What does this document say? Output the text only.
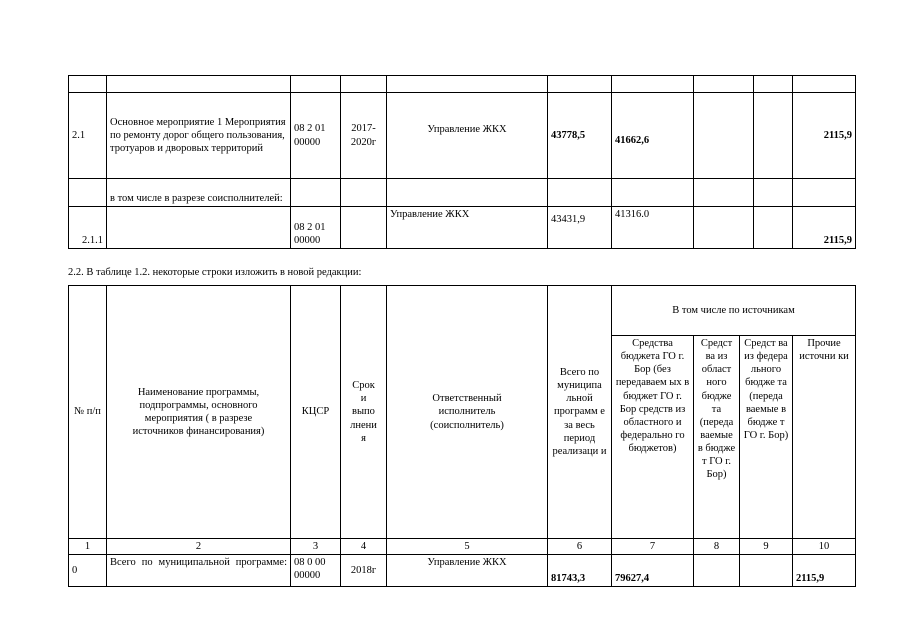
2.1	Основное мероприятие 1 Мероприятия по ремонту дорог общего пользования, тротуаров и дворовых территорий	08 2 01 00000	2017-2020г	Управление ЖКХ	43778,5	41662,6			2115,9
	в том числе в разрезе соисполнителей:								
2.1.1		08 2 01 00000		Управление ЖКХ	43431,9	41316.0			2115,9
2.2. В таблице 1.2. некоторые строки изложить в новой редакции:
№ п/п	Наименование программы, подпрограммы, основного мероприятия ( в разрезе источников финансирования)	КЦСР	Срок и выпо лнени я	Ответственный исполнитель (соисполнитель)	Всего по муниципа льной программ е за весь период реализаци и	В том числе по источникам			
						Средства бюджета ГО г. Бор (без передаваем ых в бюджет ГО г. Бор средств из областного и федерально го бюджетов)	Средст ва из област ного бюдже та (переда ваемые в бюдже т ГО г. Бор)	Средст ва из федера льного бюдже та (переда ваемые в бюдже т ГО г. Бор)	Прочие источни ки
1	2	3	4	5	6	7	8	9	10
0	Всего по муниципальной программе:	08 0 00 00000	2018г	Управление ЖКХ	81743,3	79627,4			2115,9
